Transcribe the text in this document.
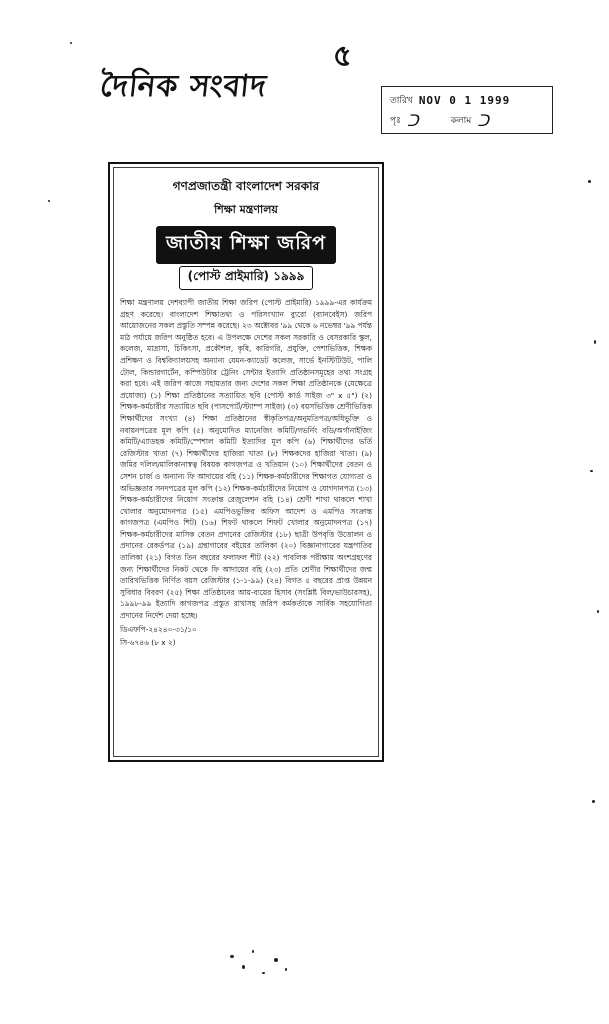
দৈনিক সংবাদ
৫
তারিখ NOV 0 1 1999
পৃঃ ᑐ	কলাম ᑐ
গণপ্রজাতন্ত্রী বাংলাদেশ সরকার
শিক্ষা মন্ত্রণালয়
জাতীয় শিক্ষা জরিপ
(পোস্ট প্রাইমারি) ১৯৯৯
শিক্ষা মন্ত্রণালয় দেশব্যাপী জাতীয় শিক্ষা জরিপ (পোস্ট প্রাইমারি) ১৯৯৯-এর কার্যক্রম গ্রহণ করেছে। বাংলাদেশ শিক্ষাতথ্য ও পরিসংখ্যান ব্যুরো (ব্যানবেইস) জরিপ আয়োজনের সকল প্রস্তুতি সম্পন্ন করেছে। ২৩ অক্টোবর '৯৯ থেকে ৬ নভেম্বর '৯৯ পর্যন্ত মাঠ পর্যায়ে জরিপ অনুষ্ঠিত হবে। এ উপলক্ষে দেশের সকল সরকারি ও বেসরকারি স্কুল, কলেজ, মাদ্রাসা, চিকিৎসা, প্রকৌশল, কৃষি, কারিগরি, প্রযুক্তি, পেশাভিত্তিক, শিক্ষক প্রশিক্ষণ ও বিশ্ববিদ্যালয়সহ অন্যান্য যেমন-ক্যাডেট কলেজ, সার্ভে ইনস্টিটিউট, পালি টোল, কিন্ডারগার্টেন, কম্পিউটার ট্রেনিং সেন্টার ইত্যাদি প্রতিষ্ঠানসমূহের তথ্য সংগ্রহ করা হবে। এই জরিপ কাজে সহায়তার জন্য দেশের সকল শিক্ষা প্রতিষ্ঠানকে (যেক্ষেত্রে প্রযোজ্য) (১) শিক্ষা প্রতিষ্ঠানের সত্যায়িত ছবি (পোস্ট কার্ড সাইজ ৩" x ৫") (২) শিক্ষক-কর্মচারীর সত্যায়িত ছবি (পাসপোর্ট/স্ট্যাম্প সাইজ) (৩) বয়সভিত্তিক শ্রেণীভিত্তিক শিক্ষার্থীদের সংখ্যা (৪) শিক্ষা প্রতিষ্ঠানের স্বীকৃতিপত্র/অনুমতিপত্র/অধিভুক্তি ও নবায়নপত্রের মূল কপি (৫) অনুমোদিত ম্যানেজিং কমিটি/গভর্নিং বডি/অর্গানাইজিং কমিটি/এ্যাডহক কমিটি/স্পেশাল কমিটি ইত্যাদির মূল কপি (৬) শিক্ষার্থীদের ভর্তি রেজিস্টার খাতা (৭) শিক্ষার্থীদের হাজিরা খাতা (৮) শিক্ষকদের হাজিরা খাতা। (৯) জমির দলিল/মালিকানাস্বত্ব বিষয়ক কাগজপত্র ও খতিয়ান (১০) শিক্ষার্থীদের বেতন ও সেশন চার্জ ও অন্যান্য ফি আদায়ের বহি (১১) শিক্ষক-কর্মচারীদের শিক্ষাগত যোগ্যতা ও অভিজ্ঞতার সনদপত্রের মূল কপি (১২) শিক্ষক-কর্মচারীদের নিয়োগ ও যোগদানপত্র (১৩) শিক্ষক-কর্মচারীদের নিয়োগ সংক্রান্ত রেজুলেশন বহি (১৪) শ্রেণী শাখা থাকলে শাখা খোলার অনুমোদনপত্র (১৫) এমপিওভুক্তির অফিস আদেশ ও এমপিও সংক্রান্ত কাগজপত্র (এমপিও শিট) (১৬) শিফট থাকলে শিফট খোলার অনুমোদনপত্র (১৭) শিক্ষক-কর্মচারীদের মাসিক বেতন প্রদানের রেজিস্টার (১৮) ছাত্রী উপবৃত্তি উত্তোলন ও প্রদানের রেকর্ডপত্র (১৯) গ্রন্থাগারের বইয়ের তালিকা (২০) বিজ্ঞানাগারের যন্ত্রপাতির তালিকা (২১) বিগত তিন বছরের ফলাফল শীট (২২) পাবলিক পরীক্ষায় অংশগ্রহণের জন্য শিক্ষার্থীদের নিকট থেকে ফি আদায়ের বহি (২৩) প্রতি শ্রেণীর শিক্ষার্থীদের জন্ম তারিখভিত্তিক নির্ণিত বয়স রেজিস্টার (১-১-৯৯) (২৪) বিগত ৫ বছরের প্রাপ্ত উন্নয়ন সুবিধার বিবরণ (২৫) শিক্ষা প্রতিষ্ঠানের আয়-ব্যয়ের হিসাব (সংশ্লিষ্ট বিল/ভাউচারসহ), ১৯৯৮-৯৯ ইত্যাদি কাগজপত্র প্রস্তুত রাখাসহ জরিপ কর্মকর্তাকে সার্বিক সহযোগিতা প্রদানের নির্দেশ দেয়া হচ্ছে।
ডিএফপি-২৪২৪০-৩১/১০
সি-৬৭৪৬ (৮ x ২)
